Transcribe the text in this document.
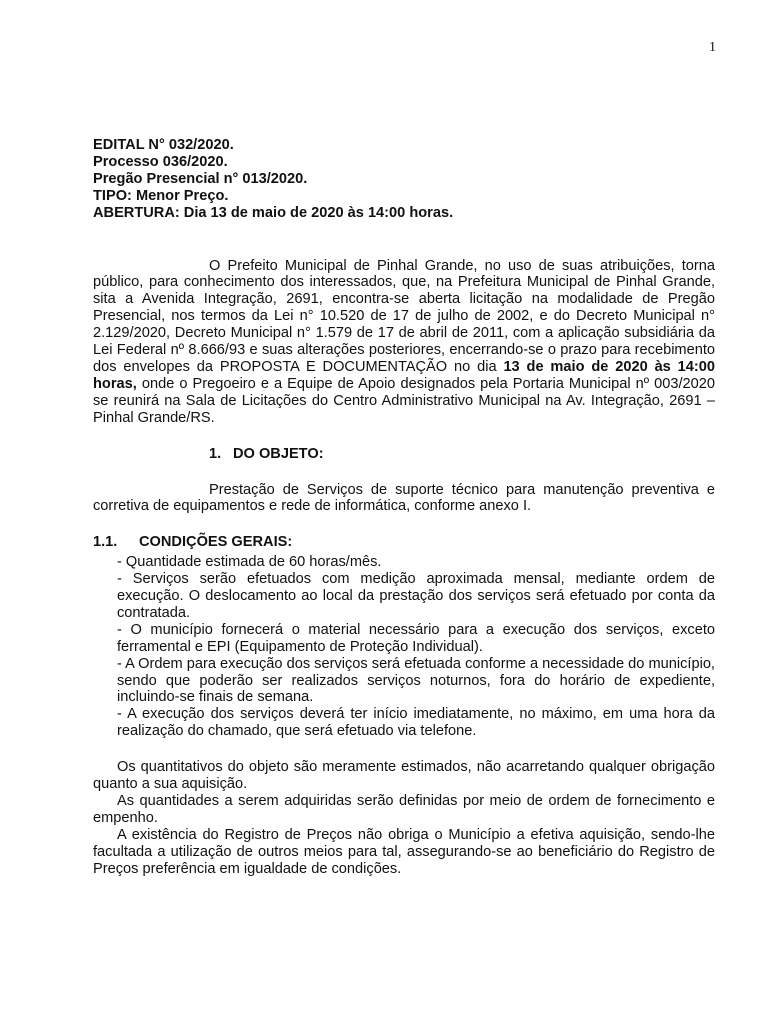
1

EDITAL N° 032/2020.

Processo 036/2020.

Pregão Presencial n° 013/2020.

TIPO: Menor Preço.

ABERTURA: Dia 13 de maio de 2020 às 14:00 horas.

O Prefeito Municipal de Pinhal Grande, no uso de suas atribuições, torna público, para conhecimento dos interessados, que, na Prefeitura Municipal de Pinhal Grande, sita a Avenida Integração, 2691, encontra-se aberta licitação na modalidade de Pregão Presencial, nos termos da Lei n° 10.520 de 17 de julho de 2002, e do Decreto Municipal n° 2.129/2020, Decreto Municipal n° 1.579 de 17 de abril de 2011, com a aplicação subsidiária da Lei Federal nº 8.666/93 e suas alterações posteriores, encerrando-se o prazo para recebimento dos envelopes da PROPOSTA E DOCUMENTAÇÃO no dia 13 de maio de 2020 às 14:00 horas, onde o Pregoeiro e a Equipe de Apoio designados pela Portaria Municipal nº 003/2020 se reunirá na Sala de Licitações do Centro Administrativo Municipal na Av. Integração, 2691 – Pinhal Grande/RS.

1. DO OBJETO:

Prestação de Serviços de suporte técnico para manutenção preventiva e corretiva de equipamentos e rede de informática, conforme anexo I.

1.1. CONDIÇÕES GERAIS:

- Quantidade estimada de 60 horas/mês.

- Serviços serão efetuados com medição aproximada mensal, mediante ordem de execução. O deslocamento ao local da prestação dos serviços será efetuado por conta da contratada.

- O município fornecerá o material necessário para a execução dos serviços, exceto ferramental e EPI (Equipamento de Proteção Individual).

- A Ordem para execução dos serviços será efetuada conforme a necessidade do município, sendo que poderão ser realizados serviços noturnos, fora do horário de expediente, incluindo-se finais de semana.

- A execução dos serviços deverá ter início imediatamente, no máximo, em uma hora da realização do chamado, que será efetuado via telefone.

Os quantitativos do objeto são meramente estimados, não acarretando qualquer obrigação quanto a sua aquisição.

As quantidades a serem adquiridas serão definidas por meio de ordem de fornecimento e empenho.

A existência do Registro de Preços não obriga o Município a efetiva aquisição, sendo-lhe facultada a utilização de outros meios para tal, assegurando-se ao beneficiário do Registro de Preços preferência em igualdade de condições.
